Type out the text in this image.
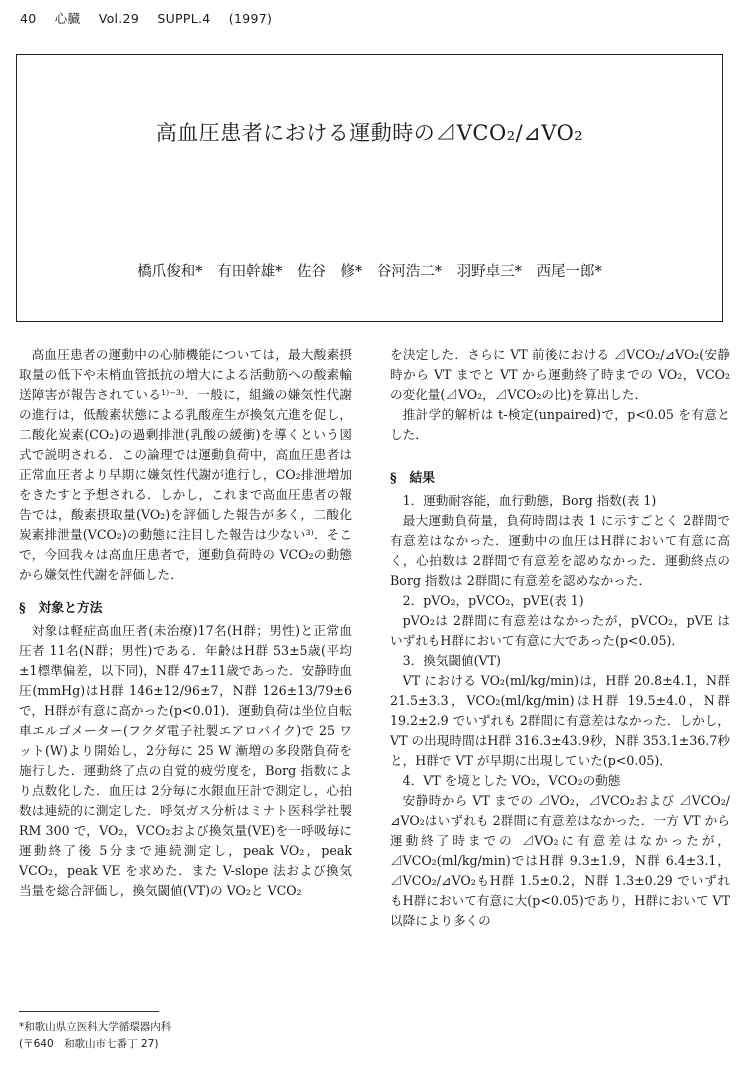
40 心臓 Vol.29 SUPPL.4 (1997)
高血圧患者における運動時の⊿VCO₂/⊿VO₂
橋爪俊和* 有田幹雄* 佐谷　修* 谷河浩二* 羽野卓三* 西尾一郎*

高血圧患者の運動中の心肺機能については，最大酸素摂取量の低下や末梢血管抵抗の増大による活動筋への酸素輸送障害が報告されている¹⁾⁻³⁾．一般に，組織の嫌気性代謝の進行は，低酸素状態による乳酸産生が換気亢進を促し，二酸化炭素(CO₂)の過剰排泄(乳酸の緩衝)を導くという図式で説明される．この論理では運動負荷中，高血圧患者は正常血圧者より早期に嫌気性代謝が進行し，CO₂排泄増加をきたすと予想される．しかし，これまで高血圧患者の報告では，酸素摂取量(VO₂)を評価した報告が多く，二酸化炭素排泄量(VCO₂)の動態に注目した報告は少ない³⁾．そこで，今回我々は高血圧患者で，運動負荷時の VCO₂の動態から嫌気性代謝を評価した．

§　対象と方法

対象は軽症高血圧者(未治療)17名(H群；男性)と正常血圧者 11名(N群；男性)である．年齢はH群 53±5歳(平均±1標準偏差，以下同)，N群 47±11歳であった．安静時血圧(mmHg)はH群 146±12/96±7，N群 126±13/79±6 で，H群が有意に高かった(p<0.01)．運動負荷は坐位自転車エルゴメーター(フクダ電子社製エアロバイク)で 25 ワット(W)より開始し，2分毎に 25 W 漸増の多段階負荷を施行した．運動終了点の自覚的疲労度を，Borg 指数により点数化した．血圧は 2分毎に水銀血圧計で測定し，心拍数は連続的に測定した．呼気ガス分析はミナト医科学社製 RM 300 で，VO₂，VCO₂および換気量(VE)を一呼吸毎に運動終了後 5分まで連続測定し，peak VO₂，peak VCO₂，peak VE を求めた．また V-slope 法および換気当量を総合評価し，換気閾値(VT)の VO₂と VCO₂

を決定した．さらに VT 前後における ⊿VCO₂/⊿VO₂(安静時から VT までと VT から運動終了時までの VO₂，VCO₂の変化量(⊿VO₂，⊿VCO₂の比)を算出した．

推計学的解析は t-検定(unpaired)で，p<0.05 を有意とした．

§　結果
1．運動耐容能，血行動態，Borg 指数(表 1)

最大運動負荷量，負荷時間は表 1 に示すごとく 2群間で有意差はなかった．運動中の血圧はH群において有意に高く，心拍数は 2群間で有意差を認めなかった．運動終点の Borg 指数は 2群間に有意差を認めなかった．

2．pVO₂，pVCO₂，pVE(表 1)

pVO₂は 2群間に有意差はなかったが，pVCO₂，pVE はいずれもH群において有意に大であった(p<0.05)．

3．換気閾値(VT)

VT における VO₂(ml/kg/min)は，H群 20.8±4.1，N群 21.5±3.3，VCO₂(ml/kg/min)はH群 19.5±4.0，N群 19.2±2.9 でいずれも 2群間に有意差はなかった．しかし，VT の出現時間はH群 316.3±43.9秒，N群 353.1±36.7秒と，H群で VT が早期に出現していた(p<0.05)．

4．VT を境とした VO₂，VCO₂の動態

安静時から VT までの ⊿VO₂，⊿VCO₂および ⊿VCO₂/⊿VO₂はいずれも 2群間に有意差はなかった．一方 VT から運動終了時までの ⊿VO₂に有意差はなかったが，⊿VCO₂(ml/kg/min)ではH群 9.3±1.9，N群 6.4±3.1，⊿VCO₂/⊿VO₂もH群 1.5±0.2，N群 1.3±0.29 でいずれもH群において有意に大(p<0.05)であり，H群において VT 以降により多くの

*和歌山県立医科大学循環器内科
(〒640　和歌山市七番丁 27)
